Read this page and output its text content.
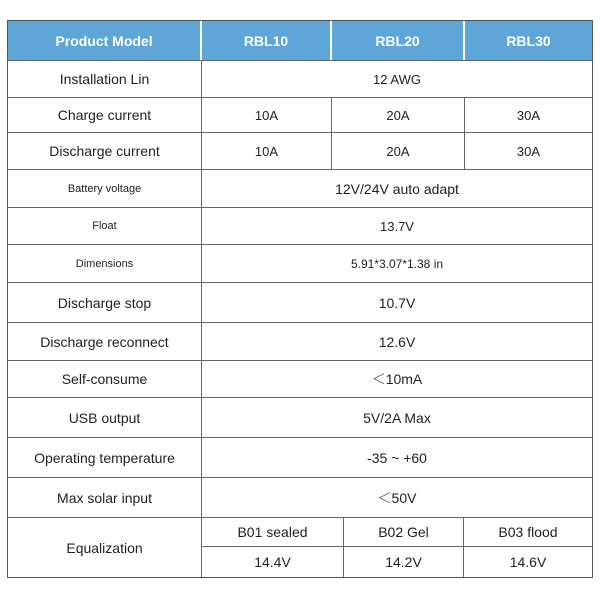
Product Model	RBL10	RBL20	RBL30
Installation Lin	12 AWG
Charge current	10A	20A	30A
Discharge current	10A	20A	30A
Battery voltage	12V/24V auto adapt
Float	13.7V
Dimensions	5.91*3.07*1.38 in
Discharge stop	10.7V
Discharge reconnect	12.6V
Self-consume	＜10mA
USB output	5V/2A Max
Operating temperature	-35 ~ +60
Max solar input	＜50V
Equalization
B01 sealed	B02 Gel	B03 flood
14.4V	14.2V	14.6V
